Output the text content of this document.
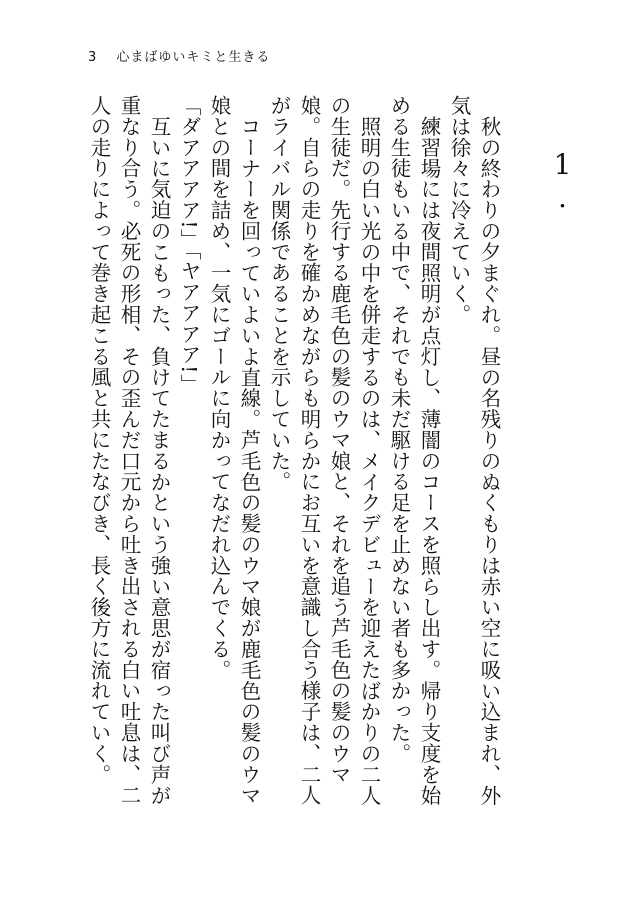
3 心まばゆいキミと生きる
1.

秋の終わりの夕まぐれ。昼の名残りのぬくもりは赤い空に吸い込まれ、外気は徐々に冷えていく。

練習場には夜間照明が点灯し、薄闇のコースを照らし出す。帰り支度を始める生徒もいる中で、それでも未だ駆ける足を止めない者も多かった。

照明の白い光の中を併走するのは、メイクデビューを迎えたばかりの二人の生徒だ。先行する鹿毛色の髪のウマ娘と、それを追う芦毛色の髪のウマ娘。自らの走りを確かめながらも明らかにお互いを意識し合う様子は、二人がライバル関係であることを示していた。

コーナーを回っていよいよ直線。芦毛色の髪のウマ娘が鹿毛色の髪のウマ娘との間を詰め、一気にゴールに向かってなだれ込んでくる。

「ダアアアア!」「ヤアアアア!」

互いに気迫のこもった、負けてたまるかという強い意思が宿った叫び声が重なり合う。必死の形相、その歪んだ口元から吐き出される白い吐息は、二人の走りによって巻き起こる風と共にたなびき、長く後方に流れていく。
